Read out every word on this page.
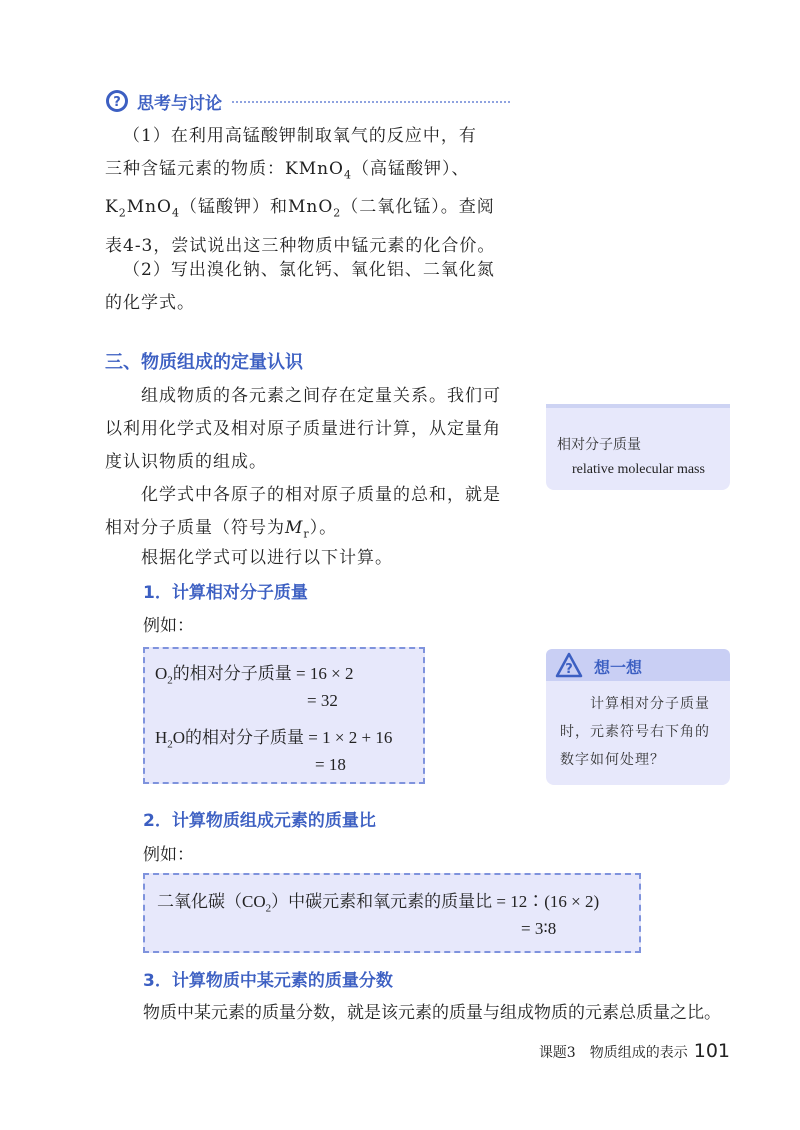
? 思考与讨论
（1）在利用高锰酸钾制取氧气的反应中，有
三种含锰元素的物质：KMnO$_4$（高锰酸钾）、
$K_2MnO_4$（锰酸钾）和MnO$_2$（二氧化锰）。查阅
表4-3，尝试说出这三种物质中锰元素的化合价。
（2）写出溴化钠、氯化钙、氧化铝、二氧化氮
的化学式。
三、物质组成的定量认识
组成物质的各元素之间存在定量关系。我们可
以利用化学式及相对原子质量进行计算，从定量角
度认识物质的组成。
化学式中各原子的相对原子质量的总和，就是
相对分子质量（符号为$M_r$）。
根据化学式可以进行以下计算。
1．计算相对分子质量
例如：
$O_2$的相对分子质量 = 16 × 2
= 32
$H_2O$的相对分子质量 = 1 × 2 + 16
= 18
2．计算物质组成元素的质量比
例如：
二氧化碳$(CO_2)$中碳元素和氧元素的质量比 = 12∶(16 × 2)
= 3∶8
3．计算物质中某元素的质量分数
物质中某元素的质量分数，就是该元素的质量与组成物质的元素总质量之比。
相对分子质量
relative molecular mass
? 想一想
计算相对分子质量时，元素符号右下角的数字如何处理？
课题3　物质组成的表示 101
